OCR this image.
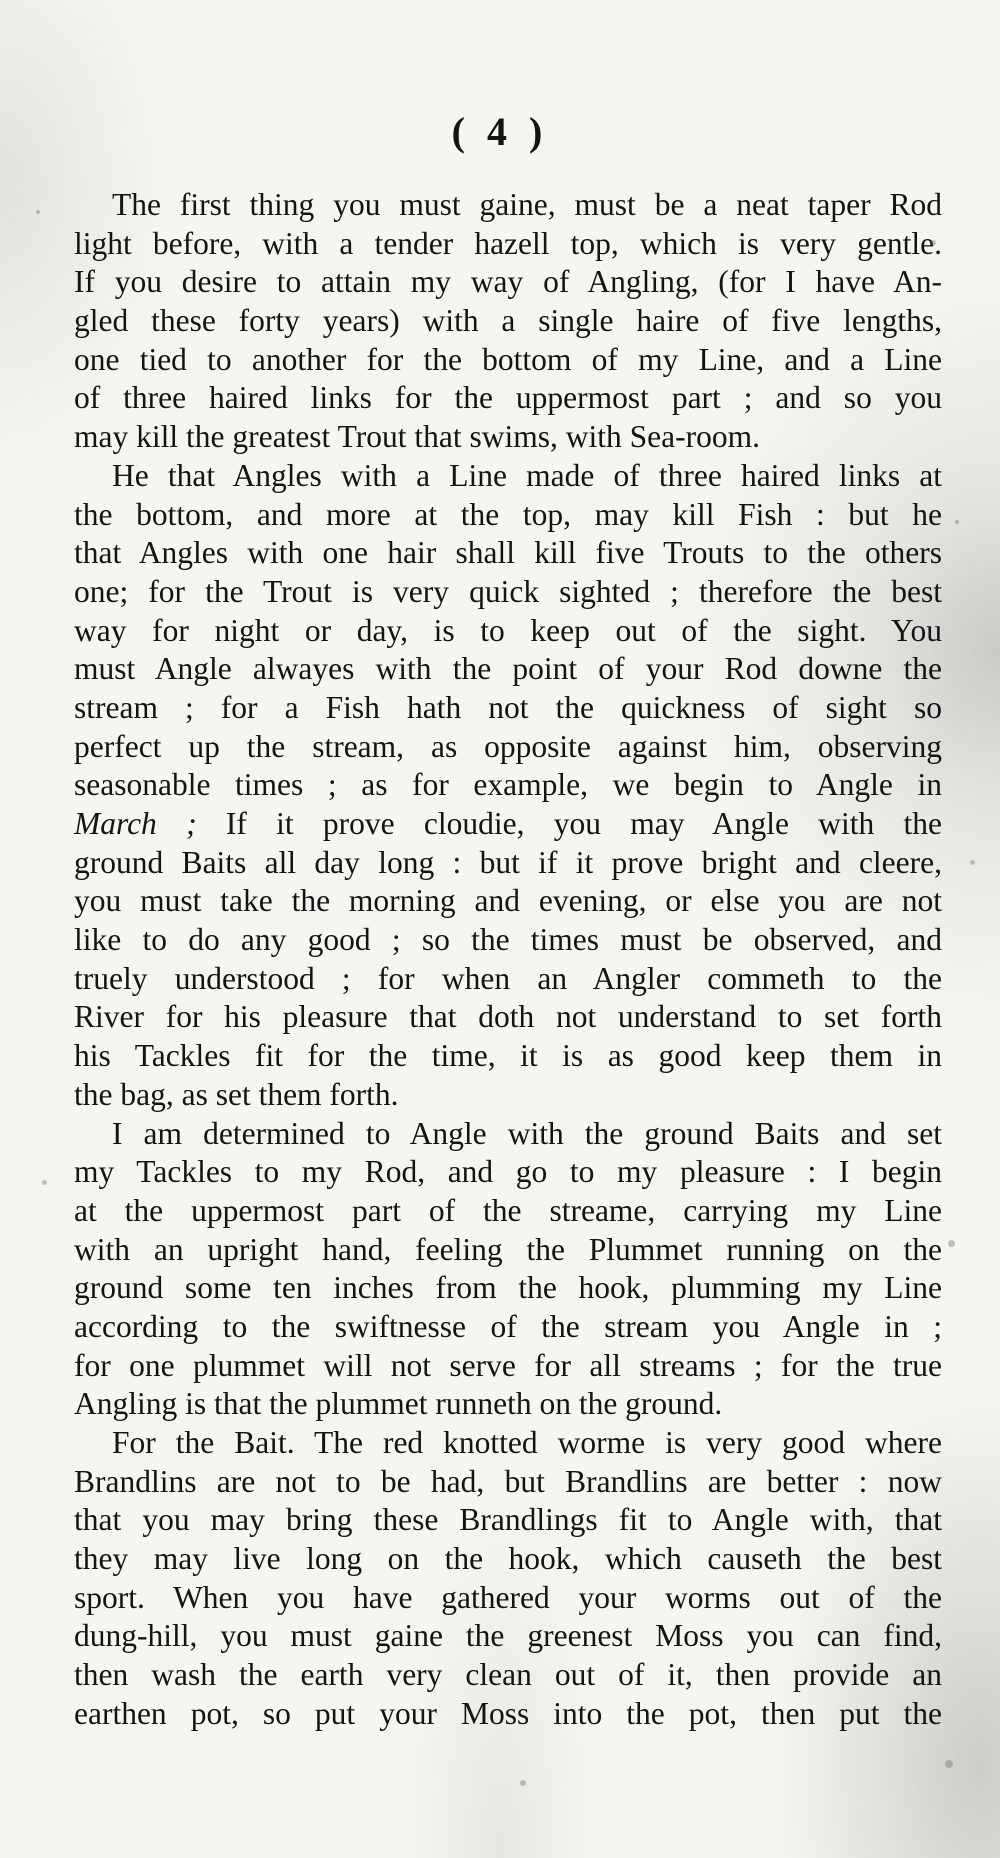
( 4 )
The first thing you must gaine, must be a neat taper Rod
light before, with a tender hazell top, which is very gentle.
If you desire to attain my way of Angling, (for I have An-
gled these forty years) with a single haire of five lengths,
one tied to another for the bottom of my Line, and a Line
of three haired links for the uppermost part ; and so you
may kill the greatest Trout that swims, with Sea-room.
He that Angles with a Line made of three haired links at
the bottom, and more at the top, may kill Fish : but he
that Angles with one hair shall kill five Trouts to the others
one; for the Trout is very quick sighted ; therefore the best
way for night or day, is to keep out of the sight. You
must Angle alwayes with the point of your Rod downe the
stream ; for a Fish hath not the quickness of sight so
perfect up the stream, as opposite against him, observing
seasonable times ; as for example, we begin to Angle in
March ; If it prove cloudie, you may Angle with the
ground Baits all day long : but if it prove bright and cleere,
you must take the morning and evening, or else you are not
like to do any good ; so the times must be observed, and
truely understood ; for when an Angler commeth to the
River for his pleasure that doth not understand to set forth
his Tackles fit for the time, it is as good keep them in
the bag, as set them forth.
I am determined to Angle with the ground Baits and set
my Tackles to my Rod, and go to my pleasure : I begin
at the uppermost part of the streame, carrying my Line
with an upright hand, feeling the Plummet running on the
ground some ten inches from the hook, plumming my Line
according to the swiftnesse of the stream you Angle in ;
for one plummet will not serve for all streams ; for the true
Angling is that the plummet runneth on the ground.
For the Bait. The red knotted worme is very good where
Brandlins are not to be had, but Brandlins are better : now
that you may bring these Brandlings fit to Angle with, that
they may live long on the hook, which causeth the best
sport. When you have gathered your worms out of the
dung-hill, you must gaine the greenest Moss you can find,
then wash the earth very clean out of it, then provide an
earthen pot, so put your Moss into the pot, then put the
